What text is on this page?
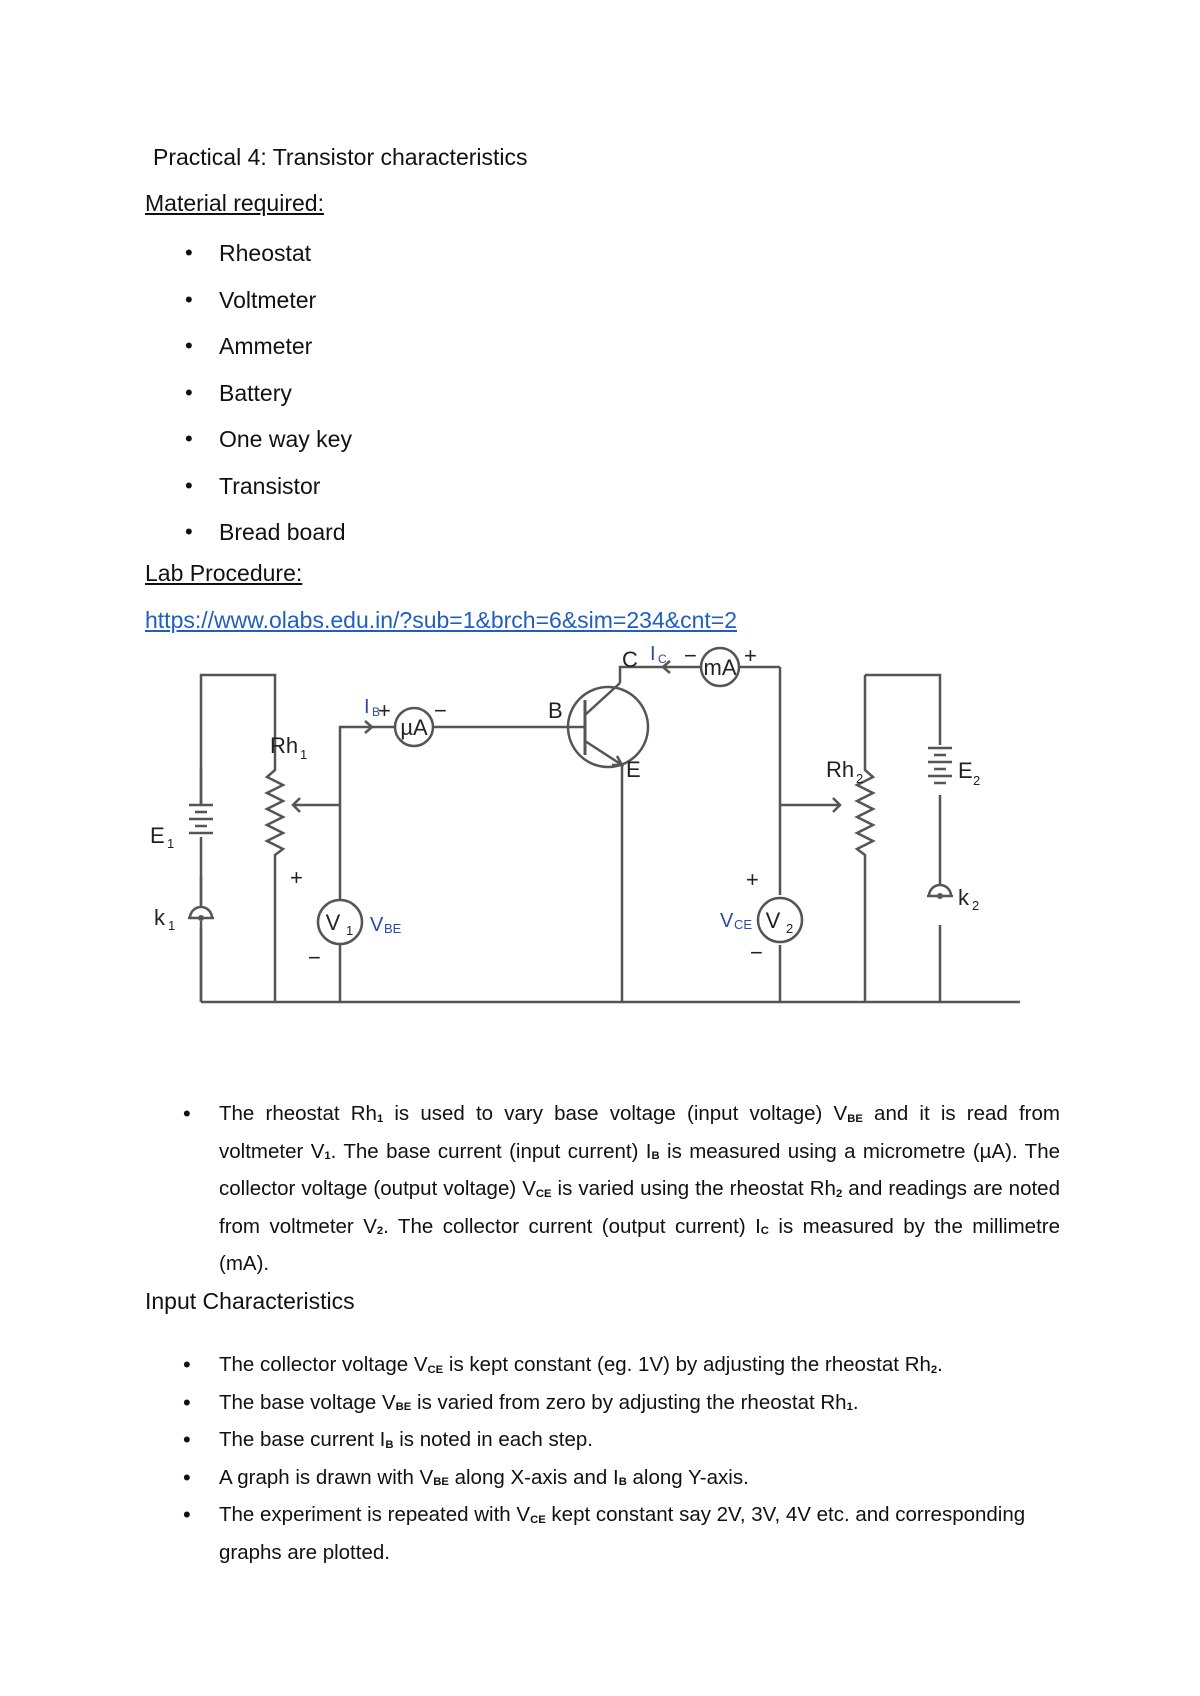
Practical 4: Transistor characteristics
Material required:
• Rheostat
• Voltmeter
• Ammeter
• Battery
• One way key
• Transistor
• Bread board
Lab Procedure:
https://www.olabs.edu.in/?sub=1&brch=6&sim=234&cnt=2
µA
mA
V 1	V 2
E 1
k 1
Rh 1
B
C
E	Rh 2	E 2
k 2
+ −
− +
+
−
+
−
I B
I C
V BE	V CE
• The rheostat Rh1 is used to vary base voltage (input voltage) VBE and it is read from voltmeter V1. The base current (input current) IB is measured using a micrometre (µA). The collector voltage (output voltage) VCE is varied using the rheostat Rh2 and readings are noted from voltmeter V2. The collector current (output current) IC is measured by the millimetre (mA).

Input Characteristics
• The collector voltage VCE is kept constant (eg. 1V) by adjusting the rheostat Rh2.
• The base voltage VBE is varied from zero by adjusting the rheostat Rh1.
• The base current IB is noted in each step.
• A graph is drawn with VBE along X-axis and IB along Y-axis.
• The experiment is repeated with VCE kept constant say 2V, 3V, 4V etc. and corresponding graphs are plotted.
